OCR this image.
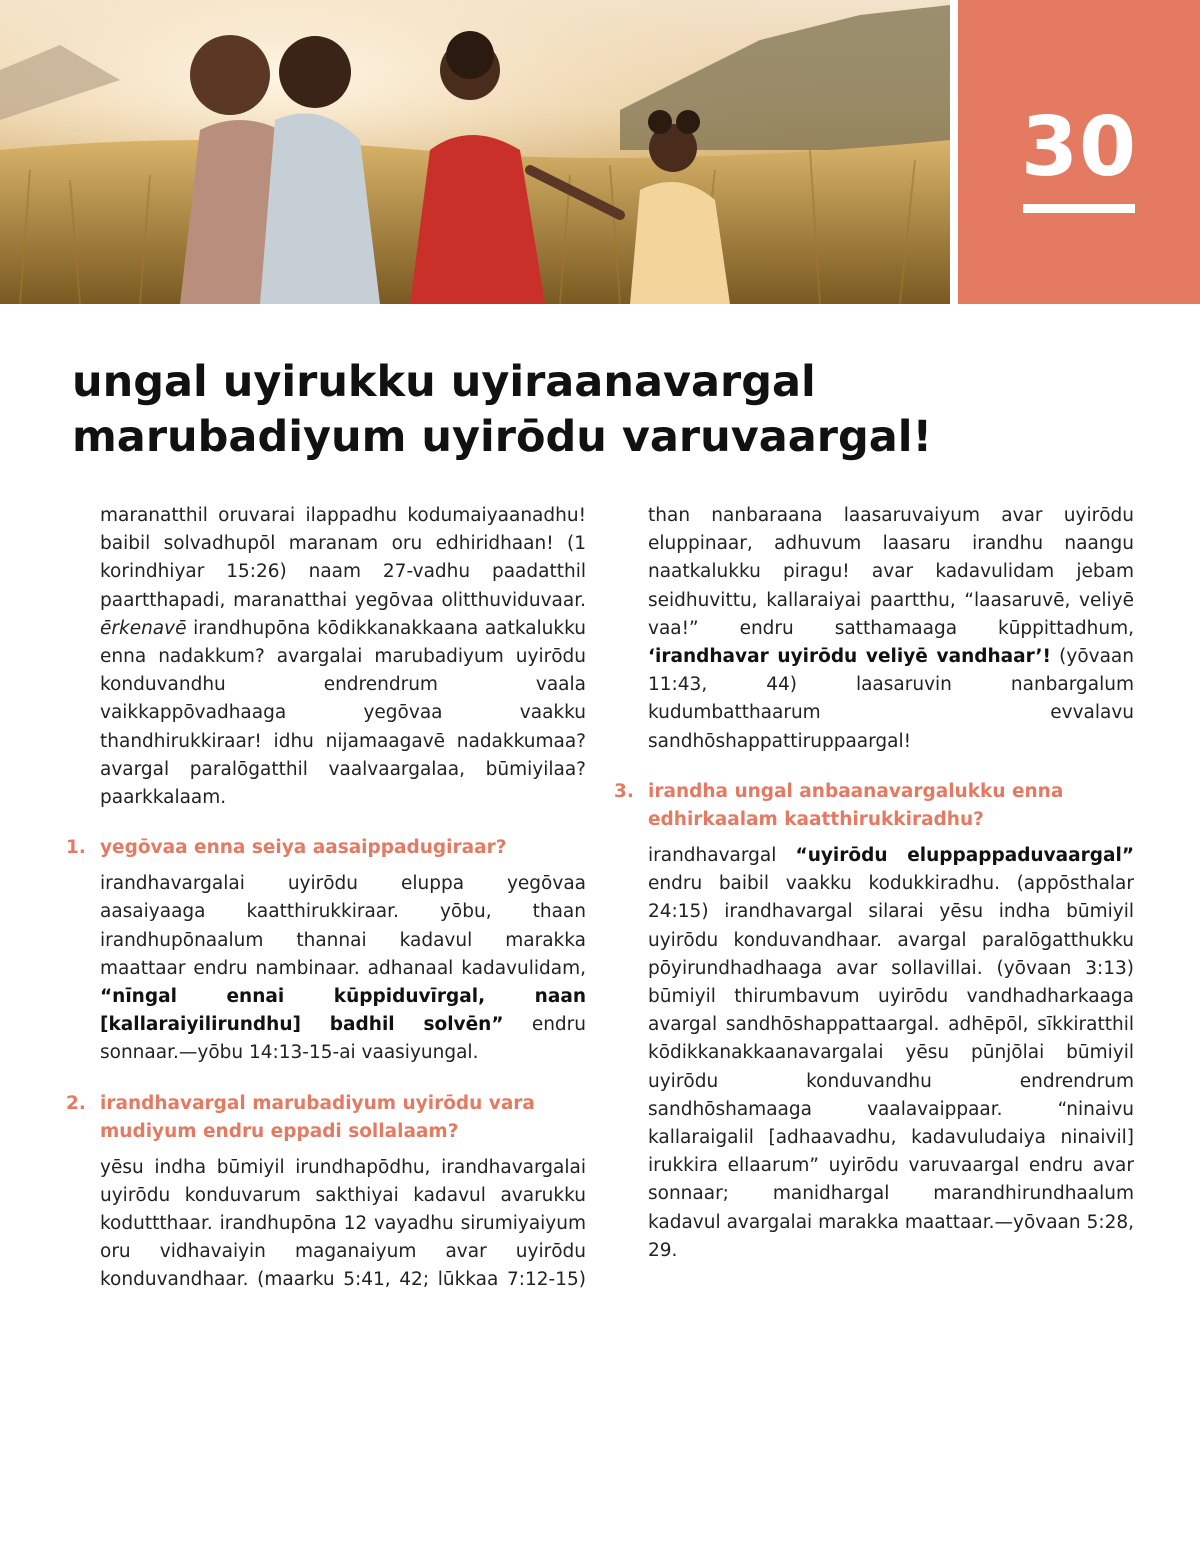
30
ungal uyirukku uyiraanavargal
marubadiyum uyirōdu varuvaargal!

maranatthil oruvarai ilappadhu kodumaiyaanadhu! baibil solvadhupōl maranam oru edhiridhaan! (1 korindhiyar 15:26) naam 27-vadhu paadatthil paartthapadi, maranatthai yegōvaa olitthuviduvaar. ērkenavē irandhupōna kōdikkanakkaana aatkalukku enna nadakkum? avargalai marubadiyum uyirōdu konduvandhu endrendrum vaala vaikkappōvadhaaga yegōvaa vaakku thandhirukkiraar! idhu nijamaagavē nadakkumaa? avargal paralōgatthil vaalvaargalaa, būmiyilaa? paarkkalaam.

1. yegōvaa enna seiya aasaippadugiraar?

irandhavargalai uyirōdu eluppa yegōvaa aasaiyaaga kaatthirukkiraar. yōbu, thaan irandhupōnaalum thannai kadavul marakka maattaar endru nambinaar. adhanaal kadavulidam, “nīngal ennai kūppiduvīrgal, naan [kallaraiyilirundhu] badhil solvēn” endru sonnaar.—yōbu 14:13-15-ai vaasiyungal.

2. irandhavargal marubadiyum uyirōdu vara mudiyum endru eppadi sollalaam?

yēsu indha būmiyil irundhapōdhu, irandhavargalai uyirōdu konduvarum sakthiyai kadavul avarukku koduttthaar. irandhupōna 12 vayadhu sirumiyaiyum oru vidhavaiyin maganaiyum avar uyirōdu konduvandhaar. (maarku 5:41, 42; lūkkaa 7:12-15)

than nanbaraana laasaruvaiyum avar uyirōdu eluppinaar, adhuvum laasaru irandhu naangu naatkalukku piragu! avar kadavulidam jebam seidhuvittu, kallaraiyai paartthu, “laasaruvē, veliyē vaa!” endru satthamaaga kūppittadhum, ‘irandhavar uyirōdu veliyē vandhaar’! (yōvaan 11:43, 44) laasaruvin nanbargalum kudumbatthaarum evvalavu sandhōshappattiruppaargal!

3. irandha ungal anbaanavargalukku enna edhirkaalam kaatthirukkiradhu?

irandhavargal “uyirōdu eluppappaduvaargal” endru baibil vaakku kodukkiradhu. (appōsthalar 24:15) irandhavargal silarai yēsu indha būmiyil uyirōdu konduvandhaar. avargal paralōgatthukku pōyirundhadhaaga avar sollavillai. (yōvaan 3:13) būmiyil thirumbavum uyirōdu vandhadharkaaga avargal sandhōshappattaargal. adhēpōl, sīkkiratthil kōdikkanakkaanavargalai yēsu pūnjōlai būmiyil uyirōdu konduvandhu endrendrum sandhōshamaaga vaalavaippaar. “ninaivu kallaraigalil [adhaavadhu, kadavuludaiya ninaivil] irukkira ellaarum” uyirōdu varuvaargal endru avar sonnaar; manidhargal marandhirundhaalum kadavul avargalai marakka maattaar.—yōvaan 5:28, 29.
